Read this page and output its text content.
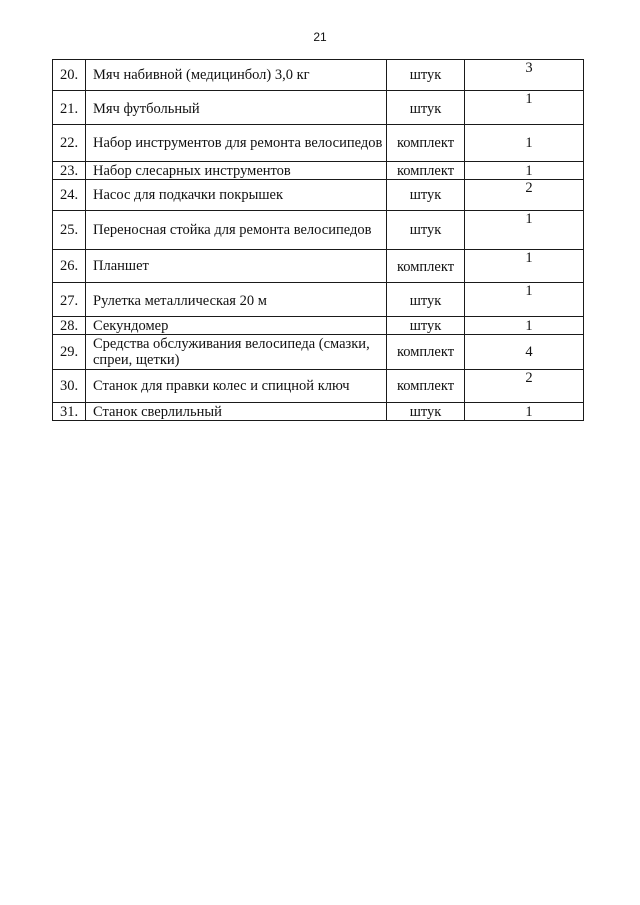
21
20.	Мяч набивной (медицинбол) 3,0 кг	штук	3
21.	Мяч футбольный	штук	1
22.	Набор инструментов для ремонта велосипедов	комплект	1
23.	Набор слесарных инструментов	комплект	1
24.	Насос для подкачки покрышек	штук	2
25.	Переносная стойка для ремонта велосипедов	штук	1
26.	Планшет	комплект	1
27.	Рулетка металлическая 20 м	штук	1
28.	Секундомер	штук	1
29.	Средства обслуживания велосипеда (смазки, спреи, щетки)	комплект	4
30.	Станок для правки колес и спицной ключ	комплект	2
31.	Станок сверлильный	штук	1
